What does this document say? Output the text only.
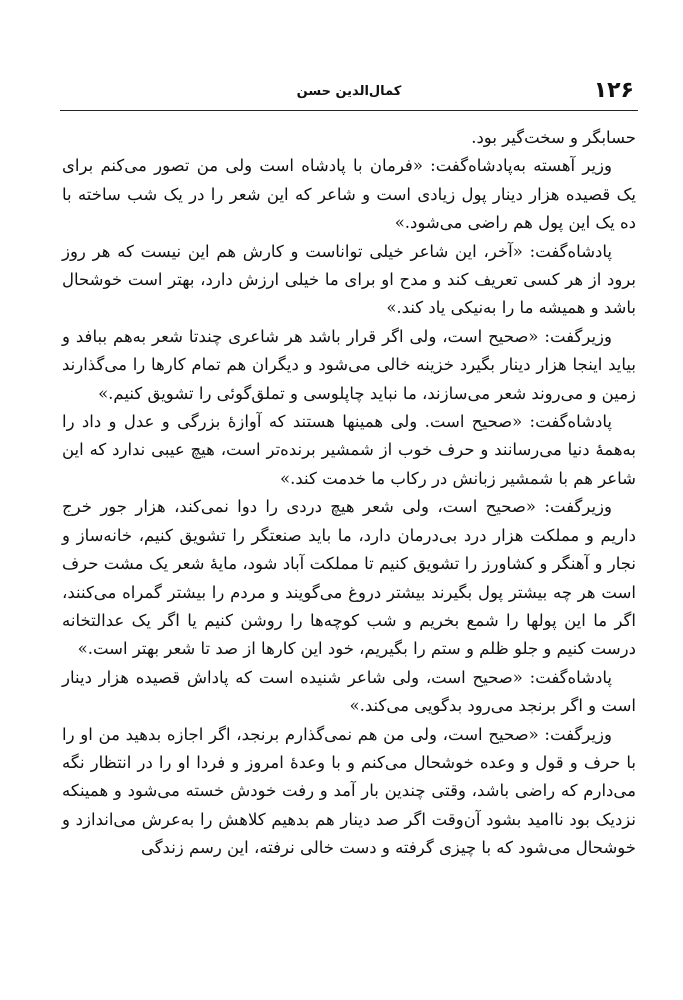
۱۲۶
کمال‌الدین حسن

حسابگر و سخت‌گیر بود.

وزیر آهسته به‌پادشاه‌گفت: «فرمان با پادشاه است ولی من تصور می‌کنم برای یک قصیده هزار دینار پول زیادی است و شاعر که این شعر را در یک شب ساخته با ده یک این پول هم راضی می‌شود.»

پادشاه‌گفت: «آخر، این شاعر خیلی تواناست و کارش هم این نیست که هر روز برود از هر کسی تعریف کند و مدح او برای ما خیلی ارزش دارد، بهتر است خوشحال باشد و همیشه ما را به‌نیکی یاد کند.»

وزیرگفت: «صحیح است، ولی اگر قرار باشد هر شاعری چندتا شعر به‌هم ببافد و بیاید اینجا هزار دینار بگیرد خزینه خالی می‌شود و دیگران هم تمام کارها را می‌گذارند زمین و می‌روند شعر می‌سازند، ما نباید چاپلوسی و تملق‌گوئی را تشویق کنیم.»

پادشاه‌گفت: «صحیح است. ولی همینها هستند که آوازهٔ بزرگی و عدل و داد را به‌همهٔ دنیا می‌رسانند و حرف خوب از شمشیر برنده‌تر است، هیچ عیبی ندارد که این شاعر هم با شمشیر زبانش در رکاب ما خدمت کند.»

وزیرگفت: «صحیح است، ولی شعر هیچ دردی را دوا نمی‌کند، هزار جور خرج داریم و مملکت هزار درد بی‌درمان دارد، ما باید صنعتگر را تشویق کنیم، خانه‌ساز و نجار و آهنگر و کشاورز را تشویق کنیم تا مملکت آباد شود، مایهٔ شعر یک مشت حرف است هر چه بیشتر پول بگیرند بیشتر دروغ می‌گویند و مردم را بیشتر گمراه می‌کنند، اگر ما این پولها را شمع بخریم و شب کوچه‌ها را روشن کنیم یا اگر یک عدالتخانه درست کنیم و جلو ظلم و ستم را بگیریم، خود این کارها از صد تا شعر بهتر است.»

پادشاه‌گفت: «صحیح است، ولی شاعر شنیده است که پاداش قصیده هزار دینار است و اگر برنجد می‌رود بدگویی می‌کند.»

وزیرگفت: «صحیح است، ولی من هم نمی‌گذارم برنجد، اگر اجازه بدهید من او را با حرف و قول و وعده خوشحال می‌کنم و با وعدهٔ امروز و فردا او را در انتظار نگه می‌دارم که راضی باشد، وقتی چندین بار آمد و رفت خودش خسته می‌شود و همینکه نزدیک بود ناامید بشود آن‌وقت اگر صد دینار هم بدهیم کلاهش را به‌عرش می‌اندازد و خوشحال می‌شود که با چیزی گرفته و دست خالی نرفته، این رسم زندگی
